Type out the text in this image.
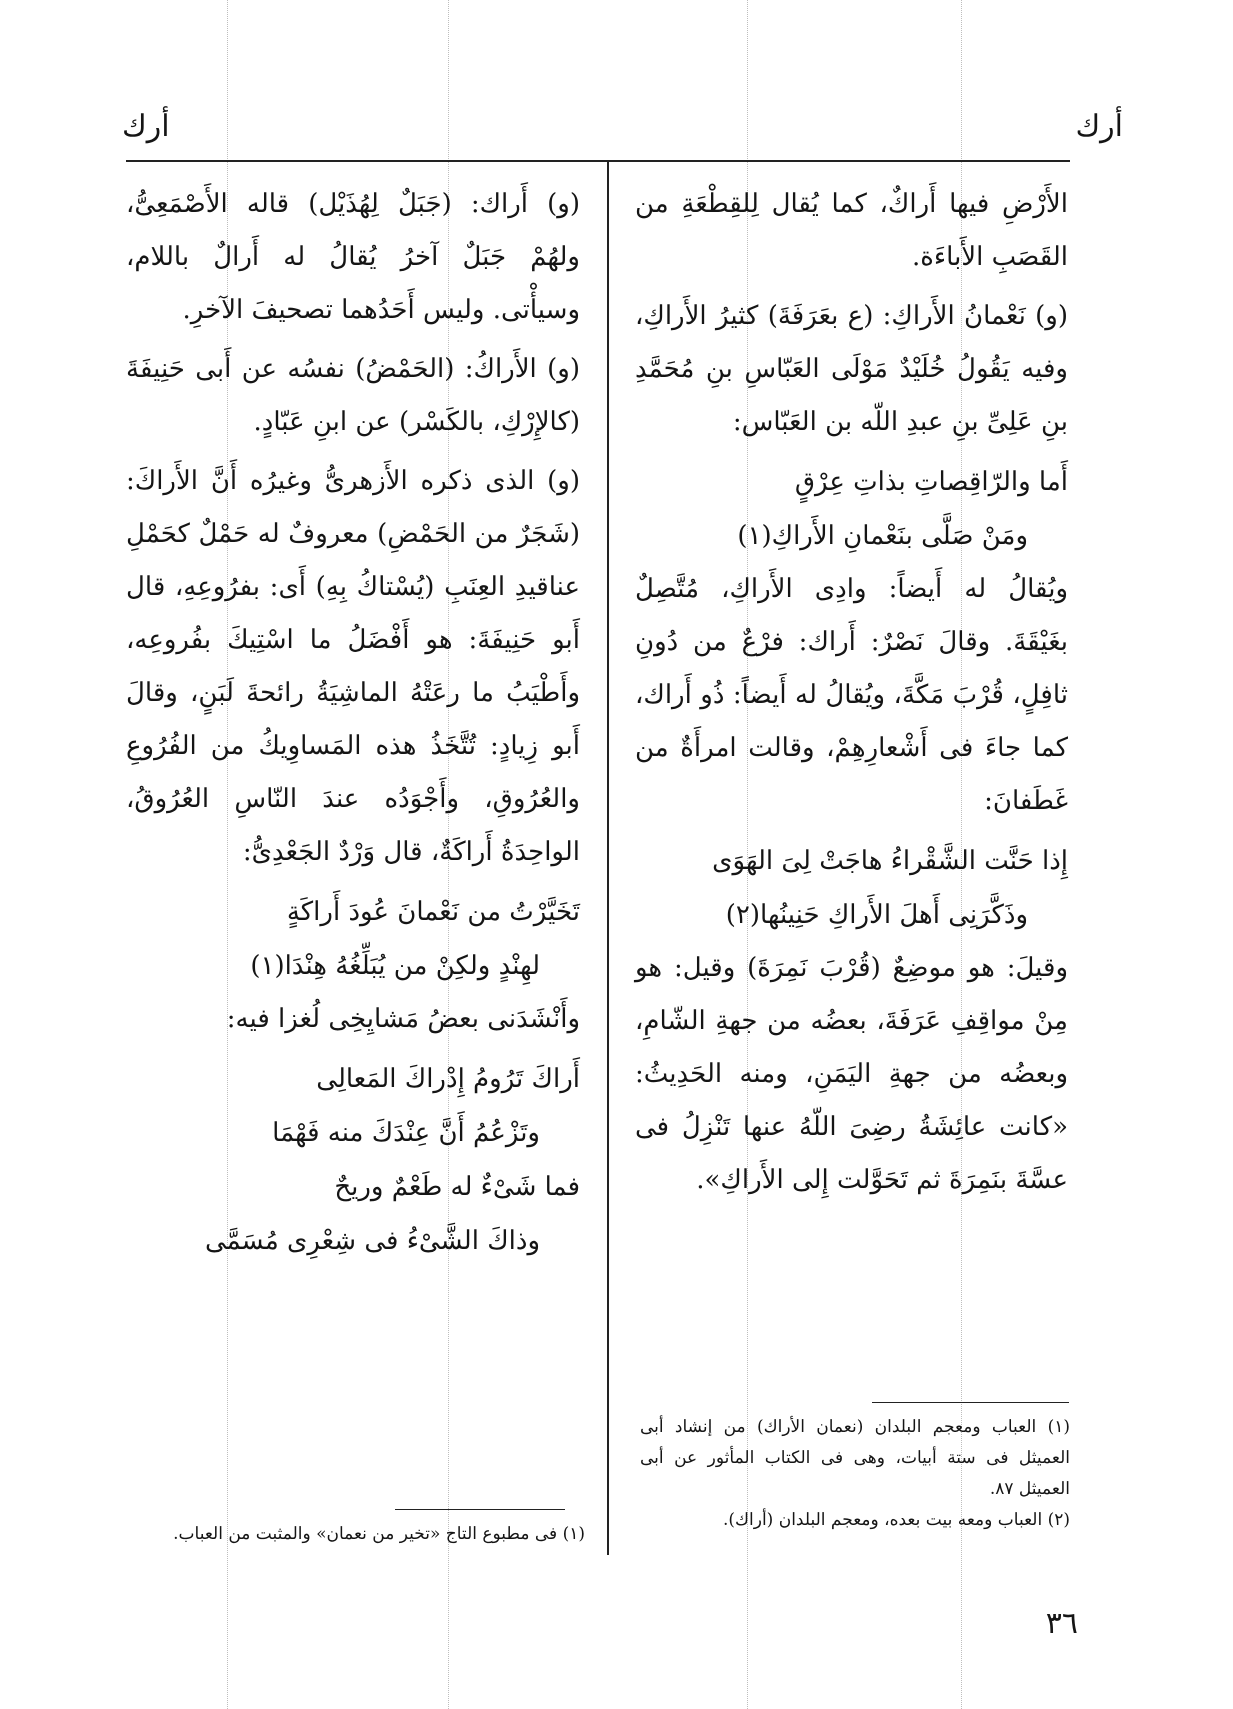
أرك
أرك

الأَرْضِ فيها أَراكٌ، كما يُقال لِلقِطْعَةِ من القَصَبِ الأَباءَة.

(و) نَعْمانُ الأَراكِ: (ع بعَرَفَةَ) كثيرُ الأَراكِ، وفيه يَقُولُ خُلَيْدٌ مَوْلَى العَبّاسِ بنِ مُحَمَّدِ بنِ عَلِىِّ بنِ عبدِ اللّه بن العَبّاس:

أَما والرّاقِصاتِ بذاتِ عِرْقٍ

ومَنْ صَلَّى بنَعْمانِ الأَراكِ(١)

ويُقالُ له أَيضاً: وادِى الأَراكِ، مُتَّصِلٌ بغَيْقَةَ. وقالَ نَصْرٌ: أَراك: فرْعٌ من دُونِ ثافِلٍ، قُرْبَ مَكَّةَ، ويُقالُ له أَيضاً: ذُو أَراك، كما جاءَ فى أَشْعارِهِمْ، وقالت امرأَةٌ من غَطَفانَ:

إِذا حَنَّت الشَّقْراءُ هاجَتْ لِىَ الهَوَى

وذَكَّرَنِى أَهلَ الأَراكِ حَنِينُها(٢)

وقيلَ: هو موضِعٌ (قُرْبَ نَمِرَةَ) وقيل: هو مِنْ مواقِفِ عَرَفَةَ، بعضُه من جهةِ الشّامِ، وبعضُه من جهةِ اليَمَنِ، ومنه الحَدِيثُ: «كانت عائِشَةُ رضِىَ اللّهُ عنها تَنْزِلُ فى عسَّةَ بنَمِرَةَ ثم تَحَوَّلت إِلى الأَراكِ».

(١) العباب ومعجم البلدان (نعمان الأراك) من إنشاد أبى العميثل فى ستة أبيات، وهى فى الكتاب المأثور عن أبى العميثل ٨٧.

(٢) العباب ومعه بيت بعده، ومعجم البلدان (أراك).

(و) أَراك: (جَبَلٌ لِهُذَيْل) قاله الأَصْمَعِىُّ، ولهُمْ جَبَلٌ آخرُ يُقالُ له أَرالٌ باللام، وسيأْتى. وليس أَحَدُهما تصحيفَ الآخرِ.

(و) الأَراكُ: (الحَمْضُ) نفسُه عن أَبى حَنِيفَةَ (كالإِرْكِ، بالكَسْر) عن ابنِ عَبّادٍ.

(و) الذى ذكره الأَزهرىُّ وغيرُه أَنَّ الأَراكَ: (شَجَرٌ من الحَمْضِ) معروفٌ له حَمْلٌ كحَمْلِ عناقيدِ العِنَبِ (يُسْتاكُ بِهِ) أَى: بفرُوعِهِ، قال أَبو حَنِيفَةَ: هو أَفْضَلُ ما اسْتِيكَ بفُروعِه، وأَطْيَبُ ما رعَتْهُ الماشِيَةُ رائحةَ لَبَنٍ، وقالَ أَبو زِيادٍ: تُتَّخَذُ هذه المَساوِيكُ من الفُرُوعِ والعُرُوقِ، وأَجْوَدُه عندَ النّاسِ العُرُوقُ، الواحِدَةُ أَراكَةٌ، قال وَرْدٌ الجَعْدِىُّ:

تَخَيَّرْتُ من نَعْمانَ عُودَ أَراكَةٍ

لهِنْدٍ ولكِنْ من يُبَلِّغُهُ هِنْدَا(١)

وأَنْشَدَنى بعضُ مَشايِخِى لُغزا فيه:

أَراكَ تَرُومُ إِدْراكَ المَعالِى

وتَزْعُمُ أَنَّ عِنْدَكَ منه فَهْمَا

فما شَىْءٌ له طَعْمٌ وريحٌ

وذاكَ الشَّىْءُ فى شِعْرِى مُسَمَّى

(١) فى مطبوع التاج «تخير من نعمان» والمثبت من العباب.

٣٦
